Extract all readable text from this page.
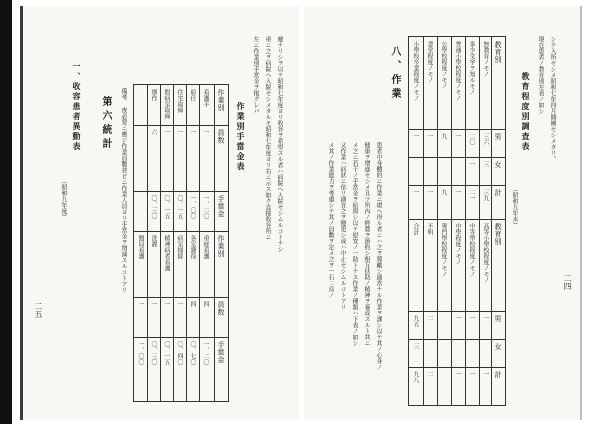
二五
慶ナリシヲ以テ昭和七年度ヨリ收容ヲ希望スル者ハ病院ヘ入院セシムルコトナシ
重ニ之ヲ病院ヘ入院セシメタルモ昭和七年度ヨリ右ニ示ス如ク直接收容所ニ
左ニ作業別手當金ヲ掲グレバ
作業別手當金表
作業別
員数
手當金
作業別
員数
手當金
看護手
一
一、二〇
重症看護
四
一、二〇
給仕
一
一、〇〇
各室雜役
四
〇、七〇
住宅取締
一
〇、一五
病室掃除
一
〇、四〇
假病室取締
一
〇、一五
精神病者看護
一
〇、一五
畑作
六
〇、三〇
洗濯
一
〇、三〇
醫局看護
一
一、〇〇
備考 夜必要ニ應ジ作業員數並ビニ作業人員ヨリ手當金ヲ増減スルコトアリ
第六統計
一、收容患者異動表
（昭和九年度）
二四
シテ入所セシメ昭和七年四月開園セシメタリ。
現在患者ノ教育別左表ノ如シ
教育程度別調査表
（昭和九年末）
教育別
男
女
計
教育別
男
女
計
無教育ノモノ
三六
三
三九
高等小學校程度ノモノ
一
一
多少文字ヲ知ルモノ
二〇
一
二一
中等學校程度ノモノ
一
一
普通小學校程度ノモノ
一
一
中學程度ノモノ
一
一
公學校程度ノモノ
九
九
專門學校程度ノモノ
書堂程度ノモノ
一
一
不明
二
二
小學校卒業程度ノモノ
一
一
合計
九五
三
九八
八、作業
患者中身體的ニ作業ニ堪ヘ得ル者ニハ之ヲ奬勵シ適當ナル作業ヲ課シ以テ其ノ心身ノ
健康ヲ增進セシメ且ツ所內ノ經費ヲ節約シ相互扶助ノ精神ヲ養成スルト共ニ
メ之ニ若干ノ手當金ヲ給與シ以テ慰安ノ一助トナス作業ノ種類ハ下表ノ如シ
又作業ハ病狀ニ依リ適宜之ヲ變更シ或ハ中止セシムルコトアリ
メ其ノ作業能力ヲ考慮シテ其ノ員數ヲ定メ之ヲ一石二鳥ノ
